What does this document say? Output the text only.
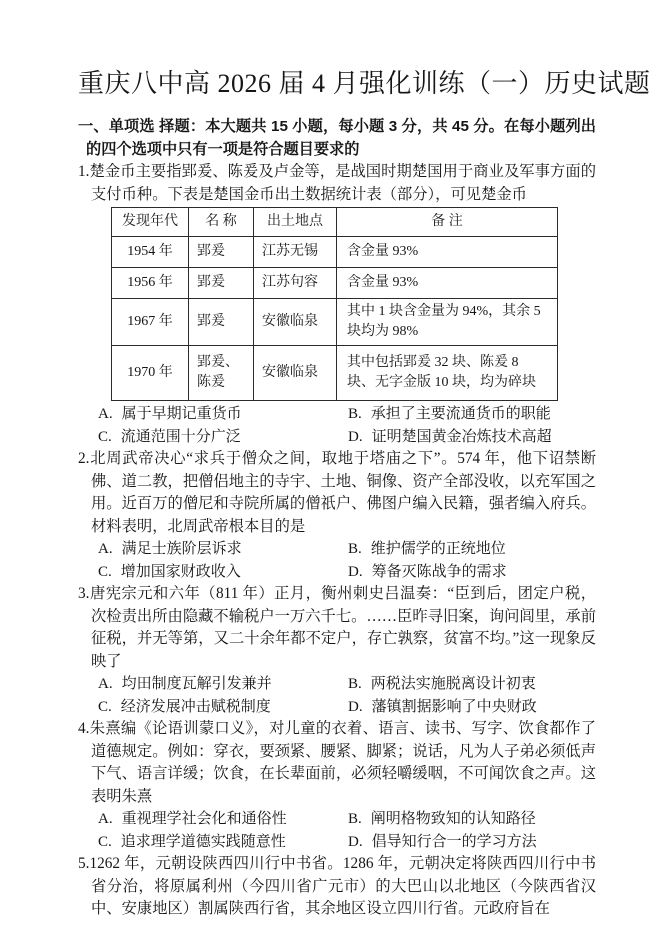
重庆八中高 2026 届 4 月强化训练（一）历史试题
一、单项选 择题：本大题共 15 小题，每小题 3 分，共 45 分。在每小题列出的四个选项中只有一项是符合题目要求的

1.楚金币主要指郢爰、陈爰及卢金等，是战国时期楚国用于商业及军事方面的支付币种。下表是楚国金币出土数据统计表（部分），可见楚金币

发现年代	名 称	出土地点	备 注
1954 年	郢爰	江苏无锡	含金量 93%
1956 年	郢爰	江苏句容	含金量 93%
1967 年	郢爰	安徽临泉	其中 1 块含金量为 94%，其余 5 块均为 98%
1970 年	郢爰、陈爰	安徽临泉	其中包括郢爰 32 块、陈爰 8 块、无字金版 10 块，均为碎块
A. 属于早期记重货币	B. 承担了主要流通货币的职能
C. 流通范围十分广泛	D. 证明楚国黄金冶炼技术高超

2.北周武帝决心“求兵于僧众之间，取地于塔庙之下”。574 年，他下诏禁断佛、道二教，把僧侣地主的寺宇、土地、铜像、资产全部没收，以充军国之用。近百万的僧尼和寺院所属的僧祇户、佛图户编入民籍，强者编入府兵。材料表明，北周武帝根本目的是

A. 满足士族阶层诉求	B. 维护儒学的正统地位
C. 增加国家财政收入	D. 筹备灭陈战争的需求

3.唐宪宗元和六年（811 年）正月，衡州刺史吕温奏：“臣到后，团定户税，次检责出所由隐藏不输税户一万六千七。……臣昨寻旧案，询问闾里，承前征税，并无等第，又二十余年都不定户，存亡孰察，贫富不均。”这一现象反映了

A. 均田制度瓦解引发兼并	B. 两税法实施脱离设计初衷
C. 经济发展冲击赋税制度	D. 藩镇割据影响了中央财政

4.朱熹编《论语训蒙口义》，对儿童的衣着、语言、读书、写字、饮食都作了道德规定。例如：穿衣，要颈紧、腰紧、脚紧；说话，凡为人子弟必须低声下气、语言详缓；饮食，在长辈面前，必须轻嚼缓咽，不可闻饮食之声。这表明朱熹

A. 重视理学社会化和通俗性	B. 阐明格物致知的认知路径
C. 追求理学道德实践随意性	D. 倡导知行合一的学习方法

5.1262 年，元朝设陕西四川行中书省。1286 年，元朝决定将陕西四川行中书省分治，将原属利州（今四川省广元市）的大巴山以北地区（今陕西省汉中、安康地区）割属陕西行省，其余地区设立四川行省。元政府旨在
